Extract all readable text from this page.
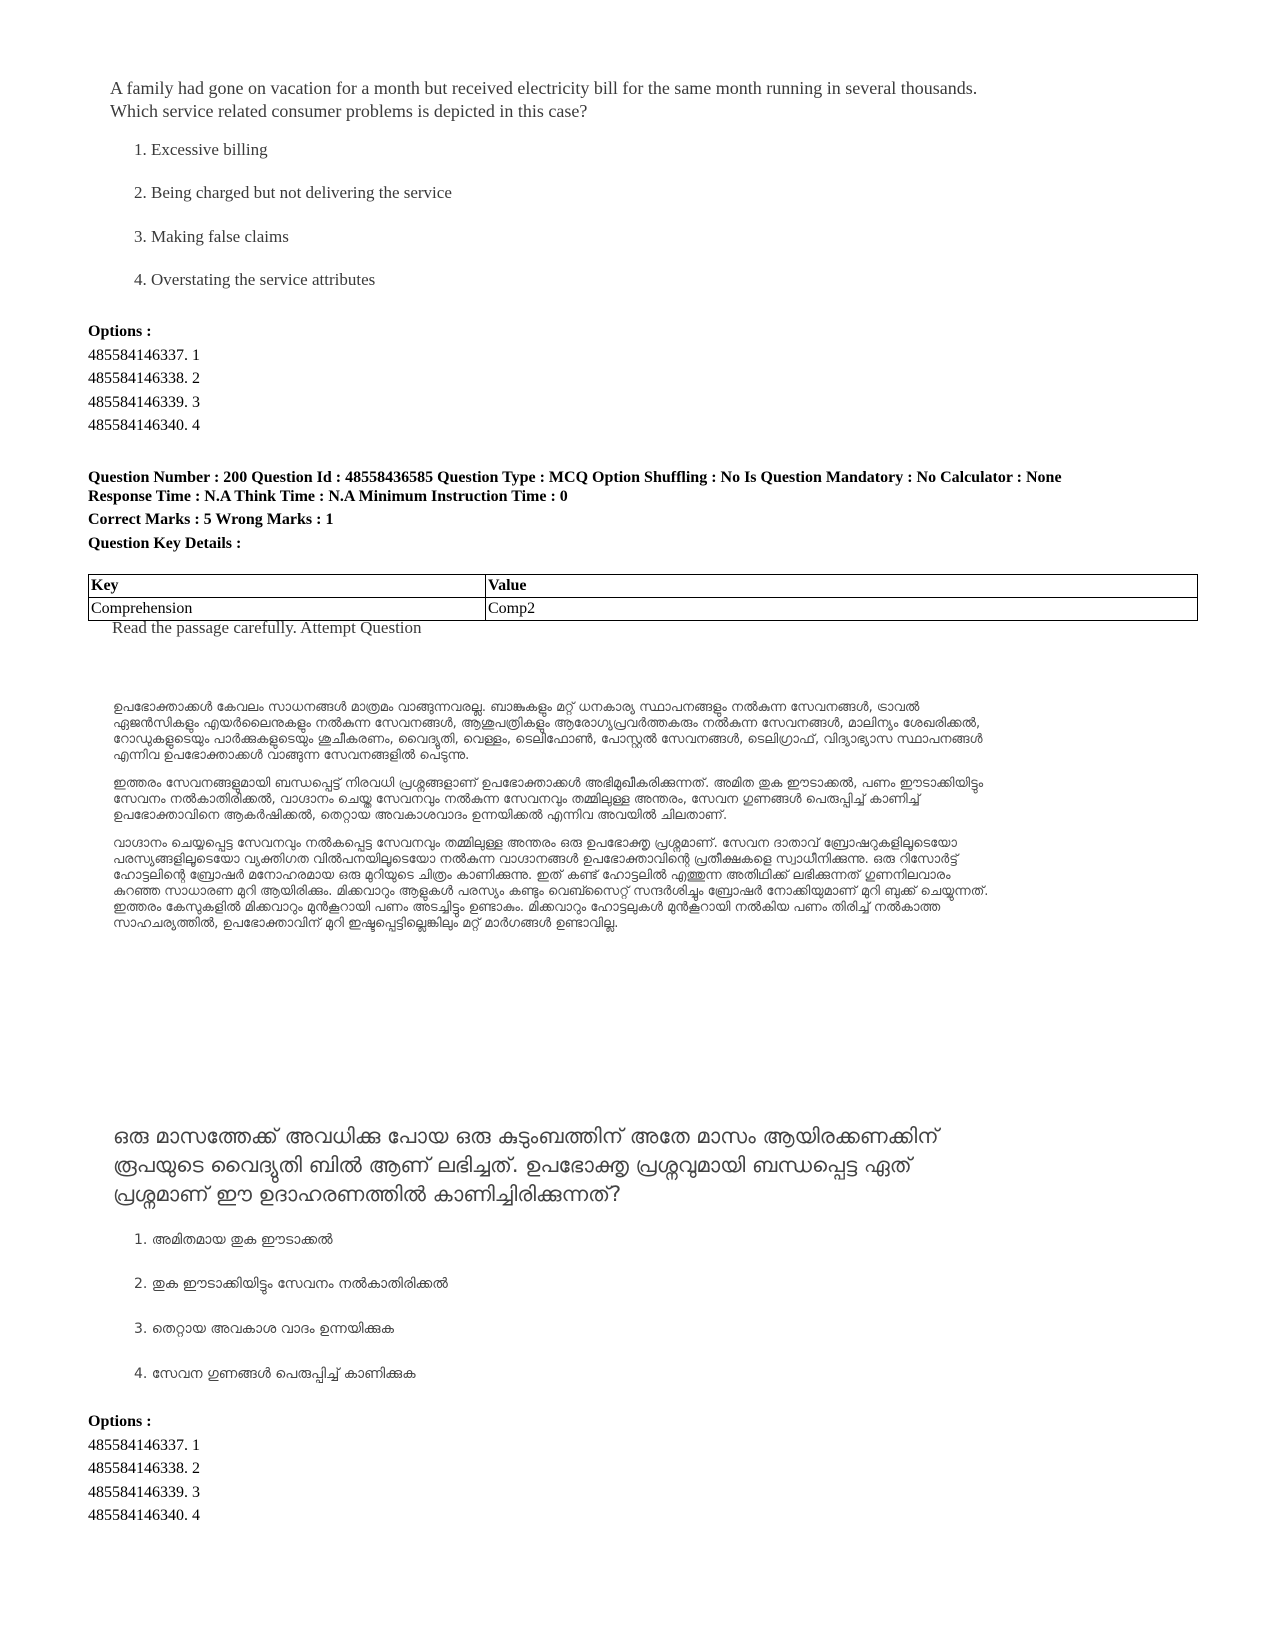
A family had gone on vacation for a month but received electricity bill for the same month running in several thousands. Which service related consumer problems is depicted in this case?

1. Excessive billing
2. Being charged but not delivering the service
3. Making false claims
4. Overstating the service attributes
Options :
485584146337. 1
485584146338. 2
485584146339. 3
485584146340. 4
Question Number : 200 Question Id : 48558436585 Question Type : MCQ Option Shuffling : No Is Question Mandatory : No Calculator : None
Response Time : N.A Think Time : N.A Minimum Instruction Time : 0
Correct Marks : 5 Wrong Marks : 1
Question Key Details :
Key	Value
Comprehension	Comp2
Read the passage carefully. Attempt Question

ഉപഭോക്താക്കൾ കേവലം സാധനങ്ങൾ മാത്രമം വാങ്ങുന്നവരല്ല. ബാങ്കുകളും മറ്റ് ധനകാര്യ സ്ഥാപനങ്ങളും നൽകുന്ന സേവനങ്ങൾ, ട്രാവൽ ഏജൻസികളും എയർലൈനുകളും നൽകുന്ന സേവനങ്ങൾ, ആശുപത്രികളും ആരോഗ്യപ്രവർത്തകരും നൽകുന്ന സേവനങ്ങൾ, മാലിന്യം ശേഖരിക്കൽ, റോഡുകളുടെയും പാർക്കുകളുടെയും ശുചീകരണം, വൈദ്യുതി, വെള്ളം, ടെലിഫോൺ, പോസ്റ്റൽ സേവനങ്ങൾ, ടെലിഗ്രാഫ്, വിദ്യാഭ്യാസ സ്ഥാപനങ്ങൾ എന്നിവ ഉപഭോക്താക്കൾ വാങ്ങുന്ന സേവനങ്ങളിൽ പെടുന്നു.

ഇത്തരം സേവനങ്ങളുമായി ബന്ധപ്പെട്ട് നിരവധി പ്രശ്നങ്ങളാണ് ഉപഭോക്താക്കൾ അഭിമുഖീകരിക്കുന്നത്. അമിത തുക ഈടാക്കൽ, പണം ഈടാക്കിയിട്ടും സേവനം നൽകാതിരിക്കൽ, വാഗ്ദാനം ചെയ്ത സേവനവും നൽകുന്ന സേവനവും തമ്മിലുള്ള അന്തരം, സേവന ഗുണങ്ങൾ പെരുപ്പിച്ച് കാണിച്ച് ഉപഭോക്താവിനെ ആകർഷിക്കൽ, തെറ്റായ അവകാശവാദം ഉന്നയിക്കൽ എന്നിവ അവയിൽ ചിലതാണ്.

വാഗ്ദാനം ചെയ്യപ്പെട്ട സേവനവും നൽകപ്പെട്ട സേവനവും തമ്മിലുള്ള അന്തരം ഒരു ഉപഭോക്തൃ പ്രശ്നമാണ്. സേവന ദാതാവ് ബ്രോഷറുകളിലൂടെയോ പരസ്യങ്ങളിലൂടെയോ വ്യക്തിഗത വിൽപനയിലൂടെയോ നൽകുന്ന വാഗ്ദാനങ്ങൾ ഉപഭോക്താവിന്റെ പ്രതീക്ഷകളെ സ്വാധീനിക്കുന്നു. ഒരു റിസോർട്ട് ഹോട്ടലിന്റെ ബ്രോഷർ മനോഹരമായ ഒരു മുറിയുടെ ചിത്രം കാണിക്കുന്നു. ഇത് കണ്ട് ഹോട്ടലിൽ എത്തുന്ന അതിഥിക്ക് ലഭിക്കുന്നത് ഗുണനിലവാരം കുറഞ്ഞ സാധാരണ മുറി ആയിരിക്കും. മിക്കവാറും ആളുകൾ പരസ്യം കണ്ടും വെബ്സൈറ്റ് സന്ദർശിച്ചും ബ്രോഷർ നോക്കിയുമാണ് മുറി ബുക്ക് ചെയ്യുന്നത്. ഇത്തരം കേസുകളിൽ മിക്കവാറും മുൻകൂറായി പണം അടച്ചിട്ടും ഉണ്ടാകും. മിക്കവാറും ഹോട്ടലുകൾ മുൻകൂറായി നൽകിയ പണം തിരിച്ച് നൽകാത്ത സാഹചര്യത്തിൽ, ഉപഭോക്താവിന് മുറി ഇഷ്ടപ്പെട്ടില്ലെങ്കിലും മറ്റ് മാർഗങ്ങൾ ഉണ്ടാവില്ല.

ഒരു മാസത്തേക്ക് അവധിക്കു പോയ ഒരു കുടുംബത്തിന് അതേ മാസം ആയിരക്കണക്കിന് രൂപയുടെ വൈദ്യുതി ബിൽ ആണ് ലഭിച്ചത്. ഉപഭോക്തൃ പ്രശ്നവുമായി ബന്ധപ്പെട്ട ഏത് പ്രശ്നമാണ് ഈ ഉദാഹരണത്തിൽ കാണിച്ചിരിക്കുന്നത്?
1. അമിതമായ തുക ഈടാക്കൽ
2. തുക ഈടാക്കിയിട്ടും സേവനം നൽകാതിരിക്കൽ
3. തെറ്റായ അവകാശ വാദം ഉന്നയിക്കുക
4. സേവന ഗുണങ്ങൾ പെരുപ്പിച്ച് കാണിക്കുക
Options :
485584146337. 1
485584146338. 2
485584146339. 3
485584146340. 4
